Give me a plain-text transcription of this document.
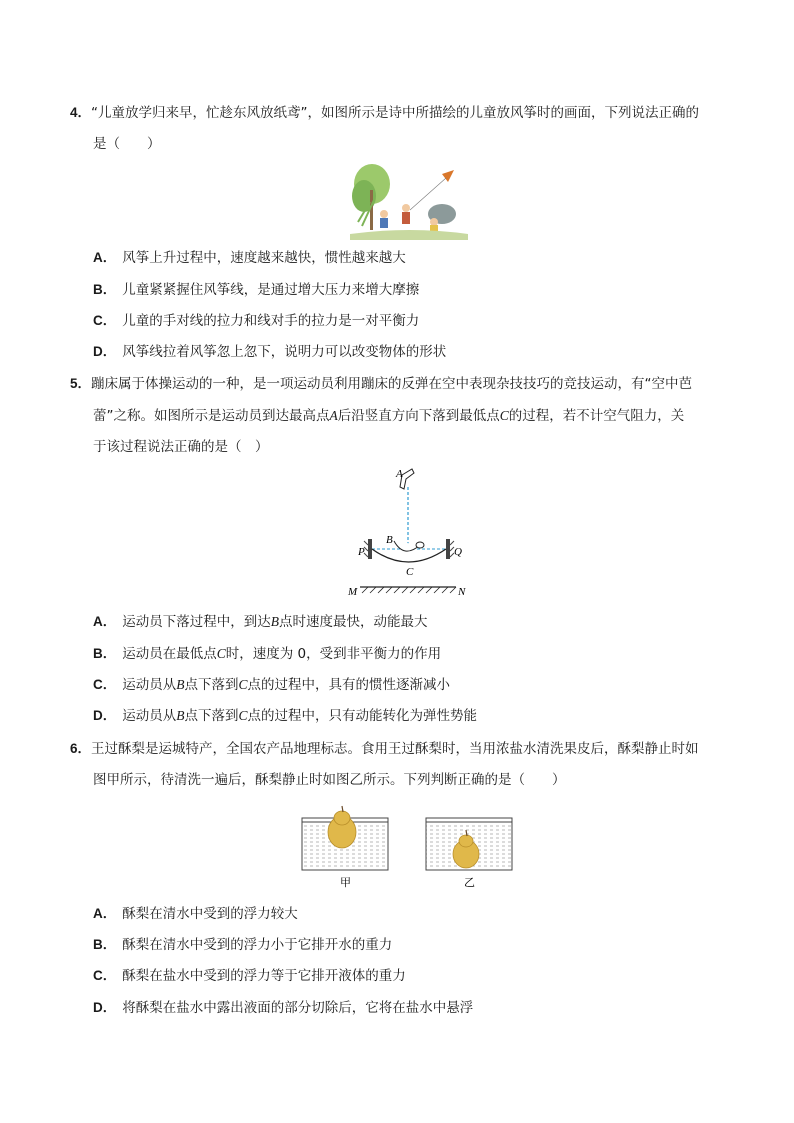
4．“儿童放学归来早，忙趁东风放纸鸢”，如图所示是诗中所描绘的儿童放风筝时的画面，下列说法正确的
是（　　）
A． 风筝上升过程中，速度越来越快，惯性越来越大
B． 儿童紧紧握住风筝线，是通过增大压力来增大摩擦
C． 儿童的手对线的拉力和线对手的拉力是一对平衡力
D． 风筝线拉着风筝忽上忽下，说明力可以改变物体的形状
5．蹦床属于体操运动的一种，是一项运动员利用蹦床的反弹在空中表现杂技技巧的竞技运动，有“空中芭
蕾”之称。如图所示是运动员到达最高点A后沿竖直方向下落到最低点C的过程，若不计空气阻力，关
于该过程说法正确的是（　）
A
B
C
P	Q
M	N
A． 运动员下落过程中，到达B点时速度最快，动能最大
B． 运动员在最低点C时，速度为 0，受到非平衡力的作用
C． 运动员从B点下落到C点的过程中，具有的惯性逐渐减小
D． 运动员从B点下落到C点的过程中，只有动能转化为弹性势能
6．王过酥梨是运城特产，全国农产品地理标志。食用王过酥梨时，当用浓盐水清洗果皮后，酥梨静止时如
图甲所示，待清洗一遍后，酥梨静止时如图乙所示。下列判断正确的是（　　）
甲	乙
A． 酥梨在清水中受到的浮力较大
B． 酥梨在清水中受到的浮力小于它排开水的重力
C． 酥梨在盐水中受到的浮力等于它排开液体的重力
D． 将酥梨在盐水中露出液面的部分切除后，它将在盐水中悬浮
